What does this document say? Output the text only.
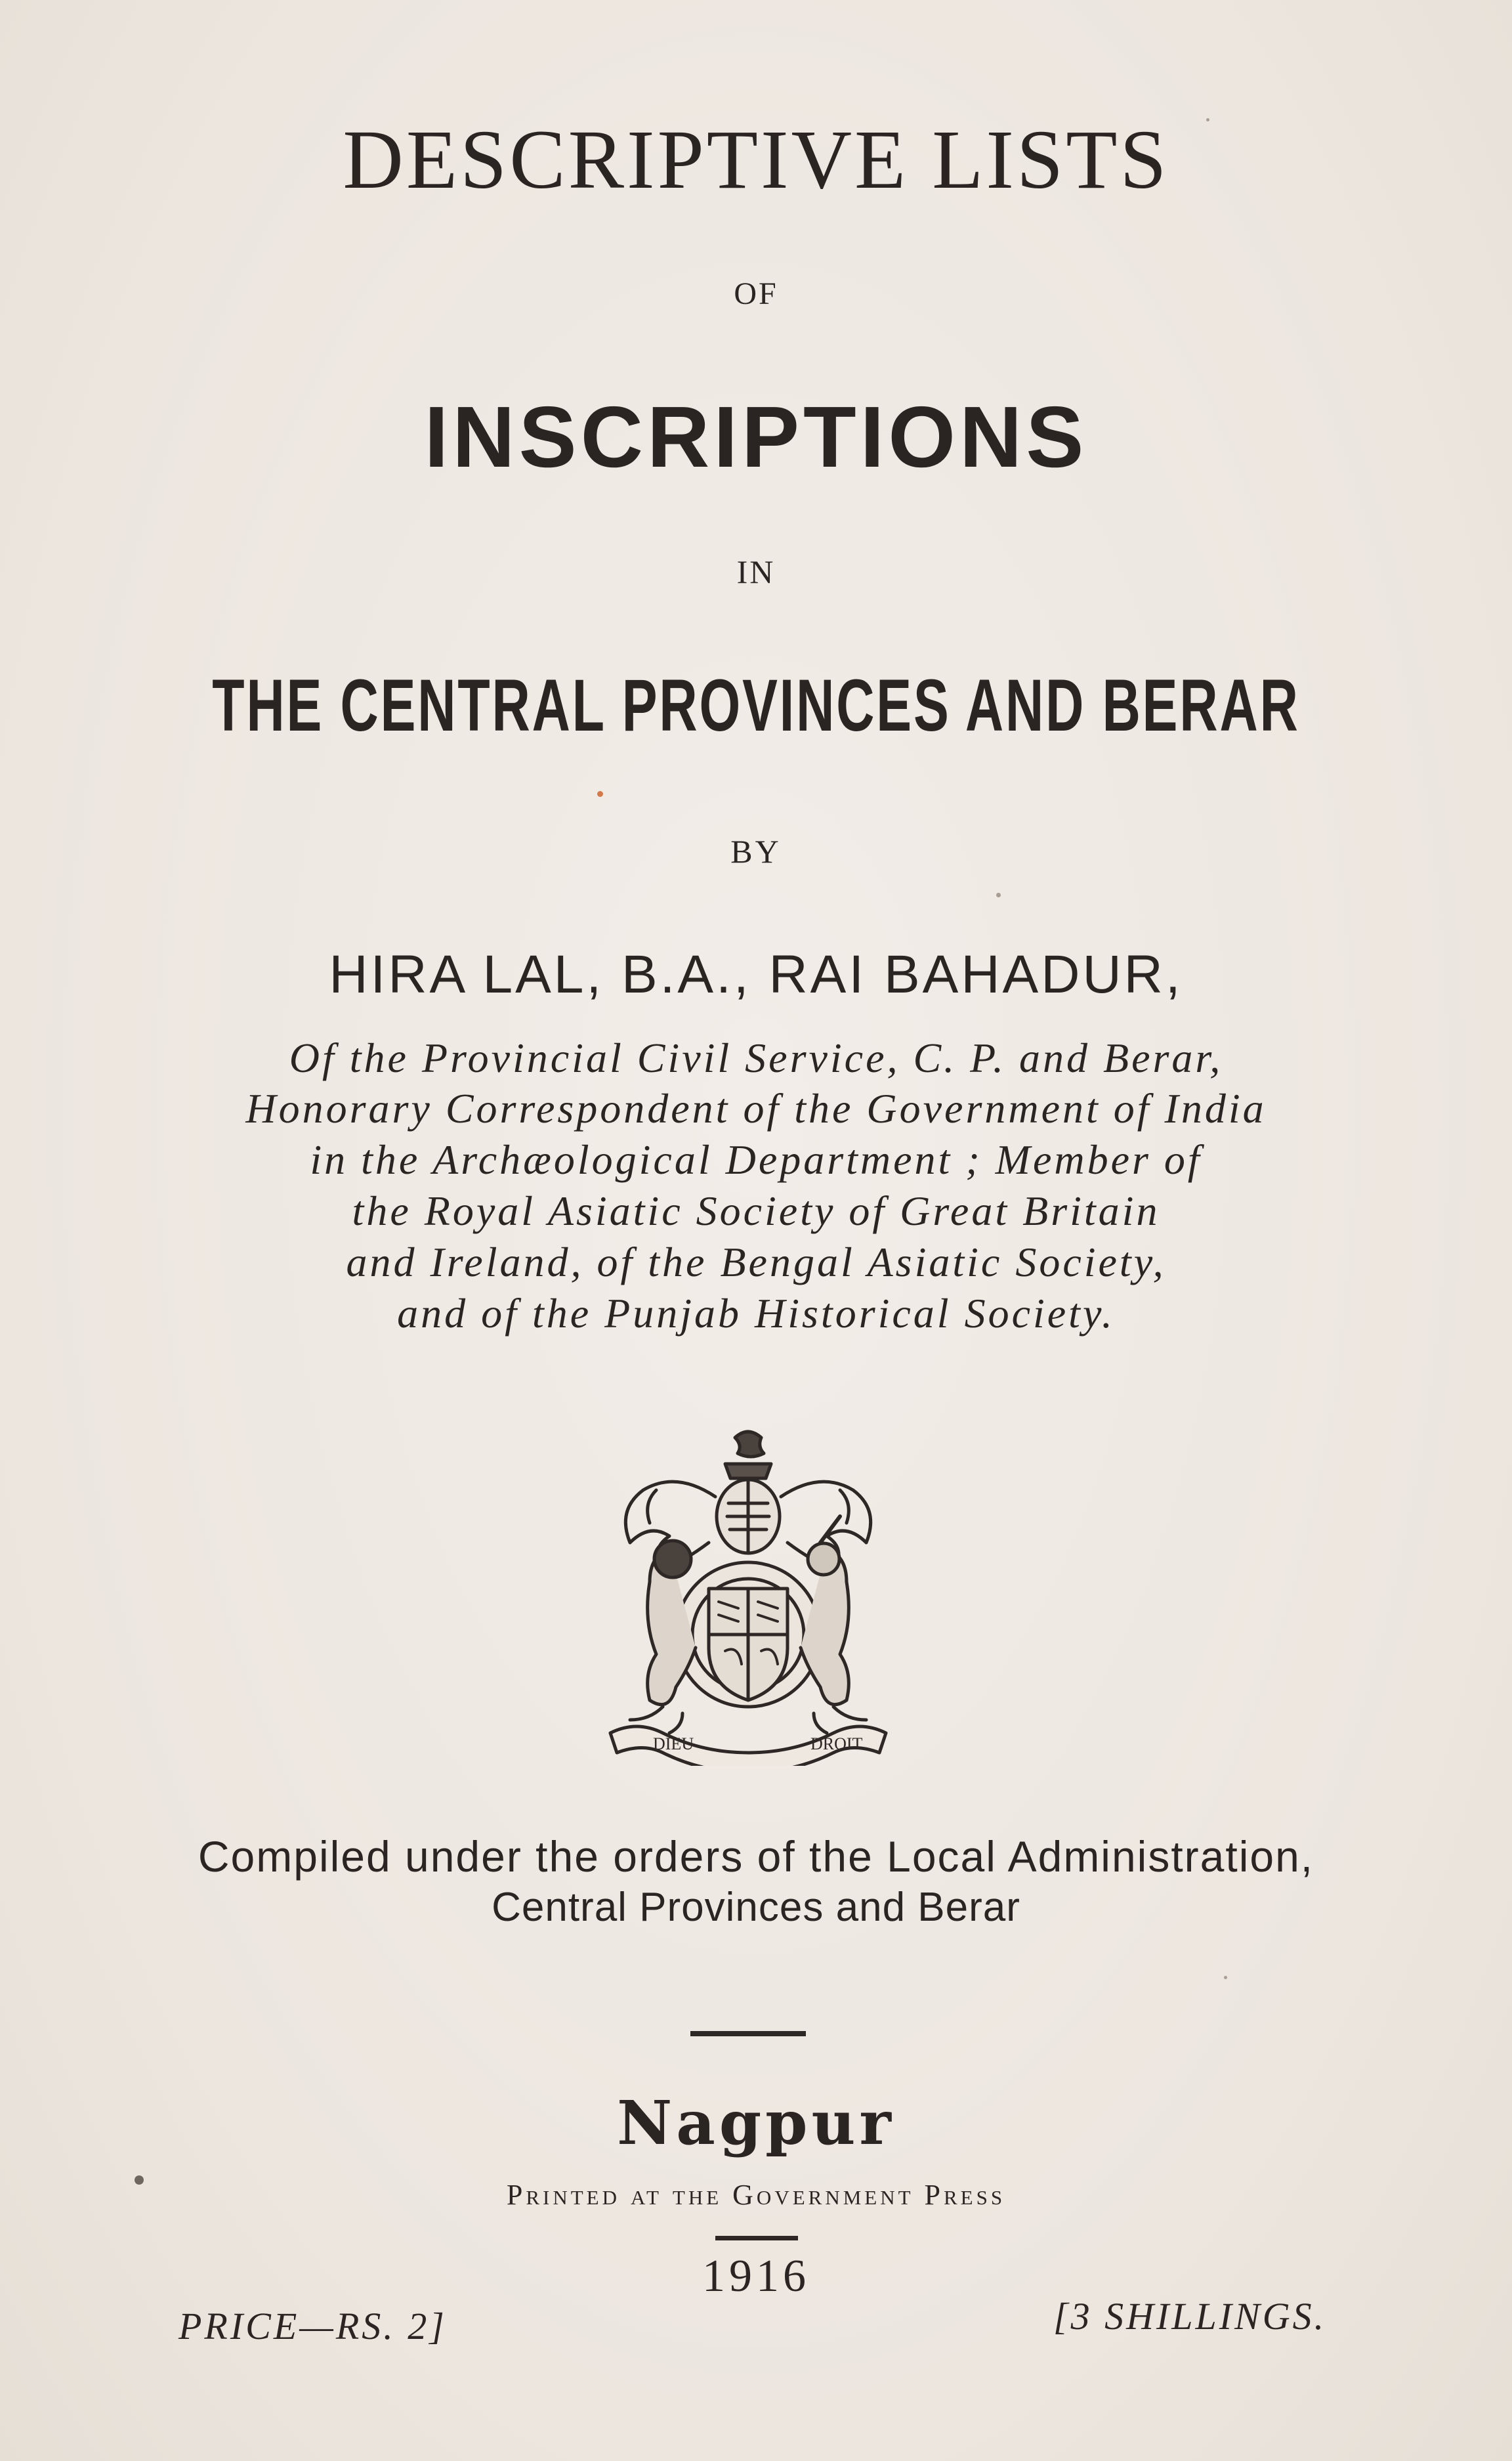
DESCRIPTIVE LISTS
OF
INSCRIPTIONS
IN
THE CENTRAL PROVINCES AND BERAR
BY
HIRA LAL, B.A., RAI BAHADUR,
Of the Provincial Civil Service, C. P. and Berar,
Honorary Correspondent of the Government of India
in the Archæological Department ; Member of
the Royal Asiatic Society of Great Britain
and Ireland, of the Bengal Asiatic Society,
and of the Punjab Historical Society.
DIEU	DROIT
Compiled under the orders of the Local Administration,
Central Provinces and Berar
Nagpur
Printed at the Government Press
1916
PRICE—RS. 2]	[3 SHILLINGS.
